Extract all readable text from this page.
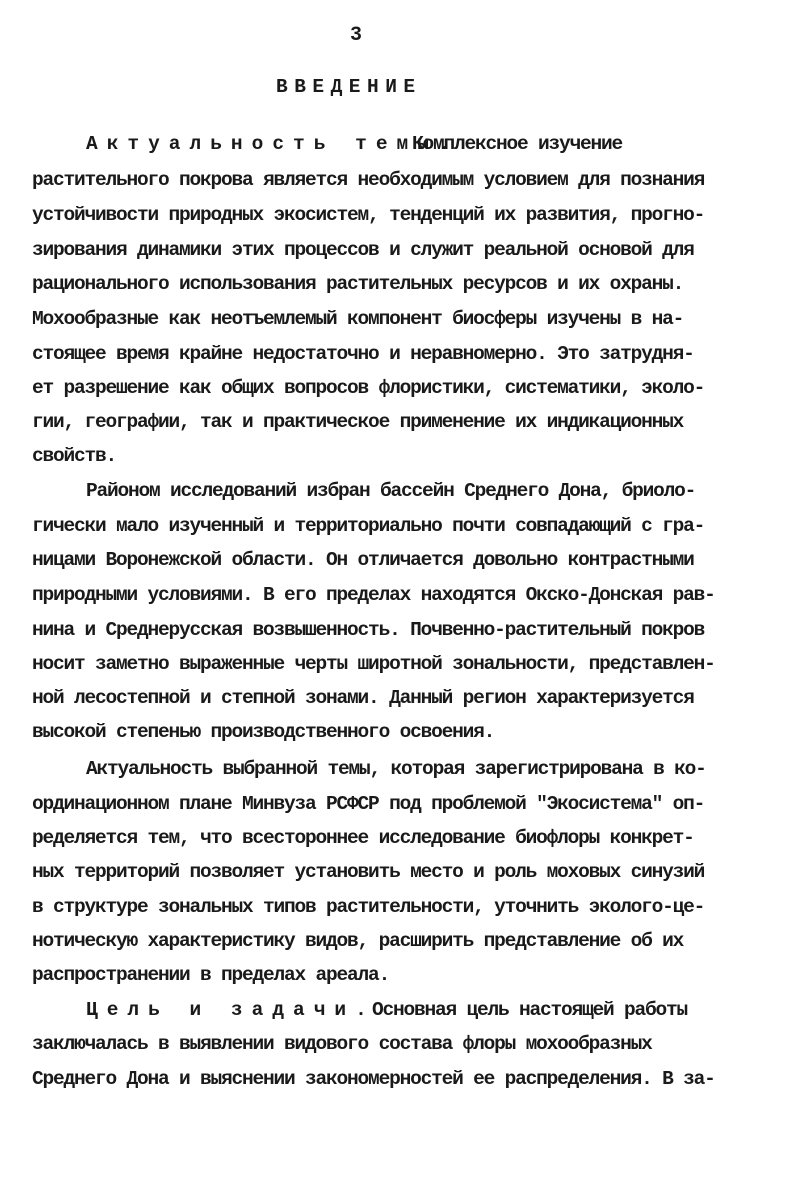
3
ВВЕДЕНИЕ
Актуальность темы.
Комплексное изучение
растительного покрова является необходимым условием для познания
устойчивости природных экосистем, тенденций их развития, прогно-
зирования динамики этих процессов и служит реальной основой для
рационального использования растительных ресурсов и их охраны.
Мохообразные как неотъемлемый компонент биосферы изучены в на-
стоящее время крайне недостаточно и неравномерно. Это затрудня-
ет разрешение как общих вопросов флористики, систематики, эколо-
гии, географии, так и практическое применение их индикационных
свойств.
Районом исследований избран бассейн Среднего Дона, бриоло-
гически мало изученный и территориально почти совпадающий с гра-
ницами Воронежской области. Он отличается довольно контрастными
природными условиями. В его пределах находятся Окско-Донская рав-
нина и Среднерусская возвышенность. Почвенно-растительный покров
носит заметно выраженные черты широтной зональности, представлен-
ной лесостепной и степной зонами. Данный регион характеризуется
высокой степенью производственного освоения.
Актуальность выбранной темы, которая зарегистрирована в ко-
ординационном плане Минвуза РСФСР под проблемой "Экосистема" оп-
ределяется тем, что всестороннее исследование биофлоры конкрет-
ных территорий позволяет установить место и роль моховых синузий
в структуре зональных типов растительности, уточнить эколого-це-
нотическую характеристику видов, расширить представление об их
распространении в пределах ареала.
Цель и задачи.
Основная цель настоящей работы
заключалась в выявлении видового состава флоры мохообразных
Среднего Дона и выяснении закономерностей ее распределения. В за-
